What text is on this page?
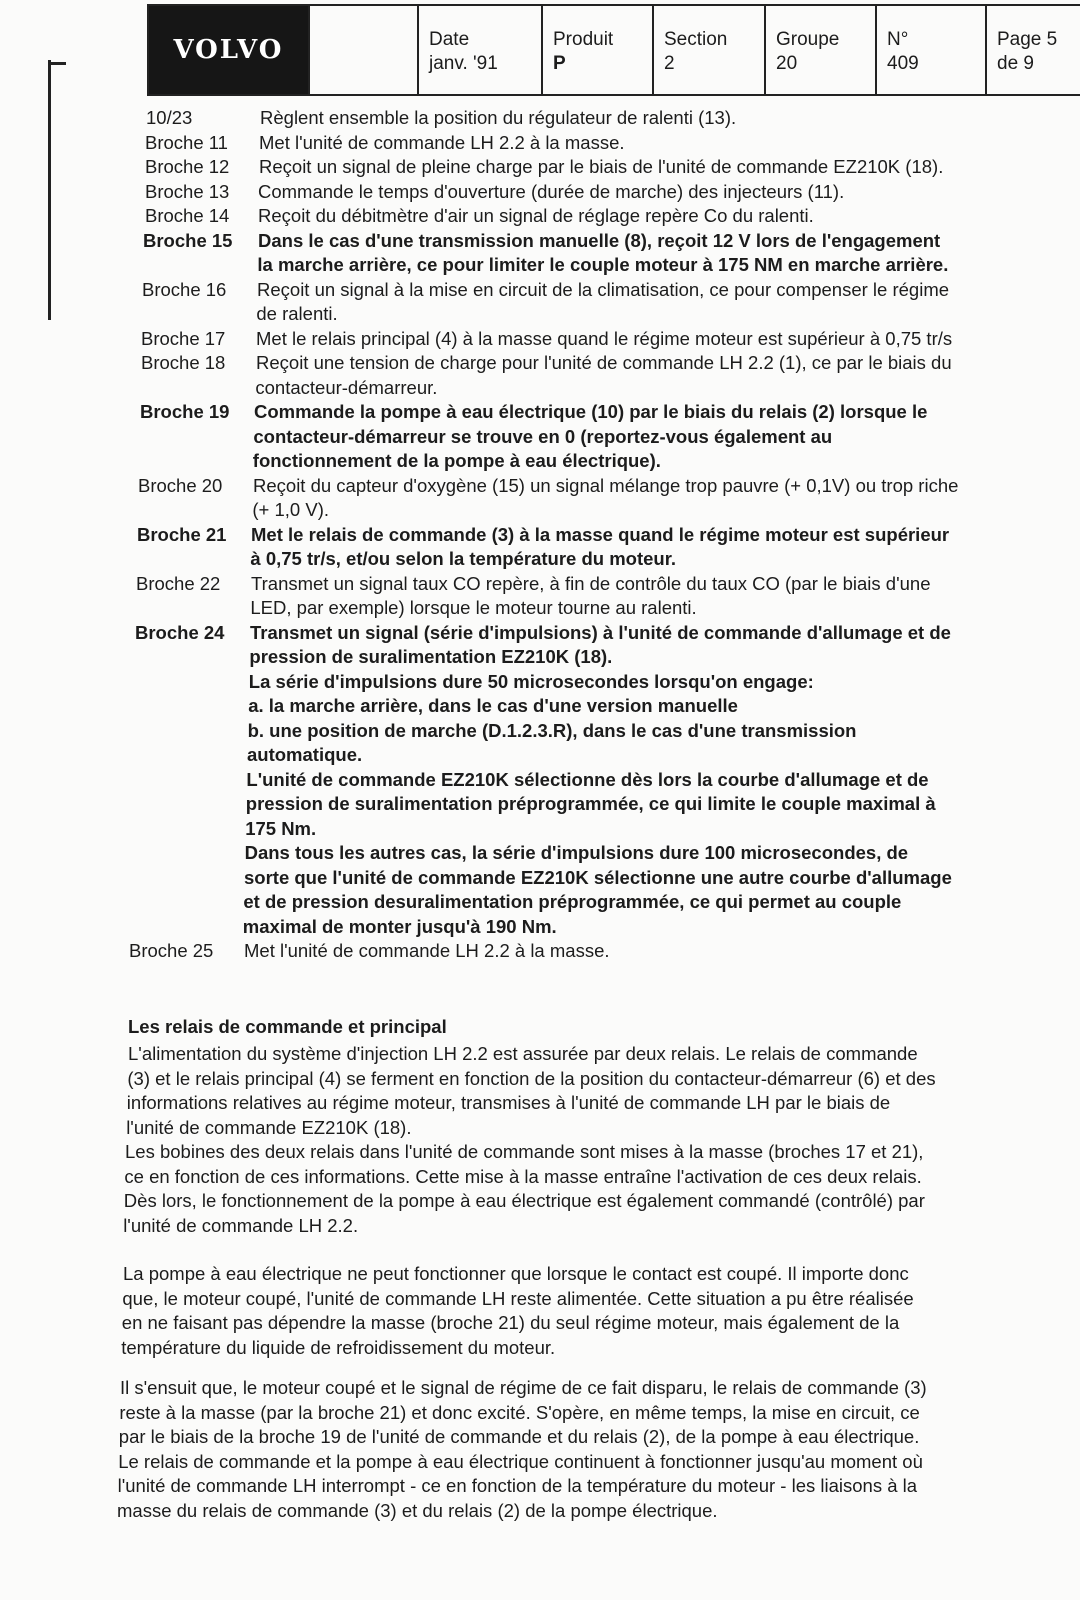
VOLVO	Date
janv. '91
Produit
P
Section
2
Groupe
20
N°
409
Page 5
de 9
10/23	Règlent ensemble la position du régulateur de ralenti (13).
Broche 11 Met l'unité de commande LH 2.2 à la masse.
Broche 12 Reçoit un signal de pleine charge par le biais de l'unité de commande EZ210K (18).
Broche 13 Commande le temps d'ouverture (durée de marche) des injecteurs (11).
Broche 14 Reçoit du débitmètre d'air un signal de réglage repère Co du ralenti.
Broche 15 Dans le cas d'une transmission manuelle (8), reçoit 12 V lors de l'engagement
la marche arrière, ce pour limiter le couple moteur à 175 NM en marche arrière.
Broche 16 Reçoit un signal à la mise en circuit de la climatisation, ce pour compenser le régime
de ralenti.
Broche 17 Met le relais principal (4) à la masse quand le régime moteur est supérieur à 0,75 tr/s
Broche 18 Reçoit une tension de charge pour l'unité de commande LH 2.2 (1), ce par le biais du
contacteur-démarreur.
Broche 19 Commande la pompe à eau électrique (10) par le biais du relais (2) lorsque le
contacteur-démarreur se trouve en 0 (reportez-vous également au
fonctionnement de la pompe à eau électrique).
Broche 20 Reçoit du capteur d'oxygène (15) un signal mélange trop pauvre (+ 0,1V) ou trop riche
(+ 1,0 V).
Broche 21 Met le relais de commande (3) à la masse quand le régime moteur est supérieur
à 0,75 tr/s, et/ou selon la température du moteur.
Broche 22 Transmet un signal taux CO repère, à fin de contrôle du taux CO (par le biais d'une
LED, par exemple) lorsque le moteur tourne au ralenti.
Broche 24 Transmet un signal (série d'impulsions) à l'unité de commande d'allumage et de
pression de suralimentation EZ210K (18).
La série d'impulsions dure 50 microsecondes lorsqu'on engage:
a. la marche arrière, dans le cas d'une version manuelle
b. une position de marche (D.1.2.3.R), dans le cas d'une transmission
automatique.
L'unité de commande EZ210K sélectionne dès lors la courbe d'allumage et de
pression de suralimentation préprogrammée, ce qui limite le couple maximal à
175 Nm.
Dans tous les autres cas, la série d'impulsions dure 100 microsecondes, de
sorte que l'unité de commande EZ210K sélectionne une autre courbe d'allumage
et de pression desuralimentation préprogrammée, ce qui permet au couple
maximal de monter jusqu'à 190 Nm.
Broche 25 Met l'unité de commande LH 2.2 à la masse.
Les relais de commande et principal
L'alimentation du système d'injection LH 2.2 est assurée par deux relais. Le relais de commande
(3) et le relais principal (4) se ferment en fonction de la position du contacteur-démarreur (6) et des
informations relatives au régime moteur, transmises à l'unité de commande LH par le biais de
l'unité de commande EZ210K (18).
Les bobines des deux relais dans l'unité de commande sont mises à la masse (broches 17 et 21),
ce en fonction de ces informations. Cette mise à la masse entraîne l'activation de ces deux relais.
Dès lors, le fonctionnement de la pompe à eau électrique est également commandé (contrôlé) par
l'unité de commande LH 2.2.
La pompe à eau électrique ne peut fonctionner que lorsque le contact est coupé. Il importe donc
que, le moteur coupé, l'unité de commande LH reste alimentée. Cette situation a pu être réalisée
en ne faisant pas dépendre la masse (broche 21) du seul régime moteur, mais également de la
température du liquide de refroidissement du moteur.
Il s'ensuit que, le moteur coupé et le signal de régime de ce fait disparu, le relais de commande (3)
reste à la masse (par la broche 21) et donc excité. S'opère, en même temps, la mise en circuit, ce
par le biais de la broche 19 de l'unité de commande et du relais (2), de la pompe à eau électrique.
Le relais de commande et la pompe à eau électrique continuent à fonctionner jusqu'au moment où
l'unité de commande LH interrompt - ce en fonction de la température du moteur - les liaisons à la
masse du relais de commande (3) et du relais (2) de la pompe électrique.
